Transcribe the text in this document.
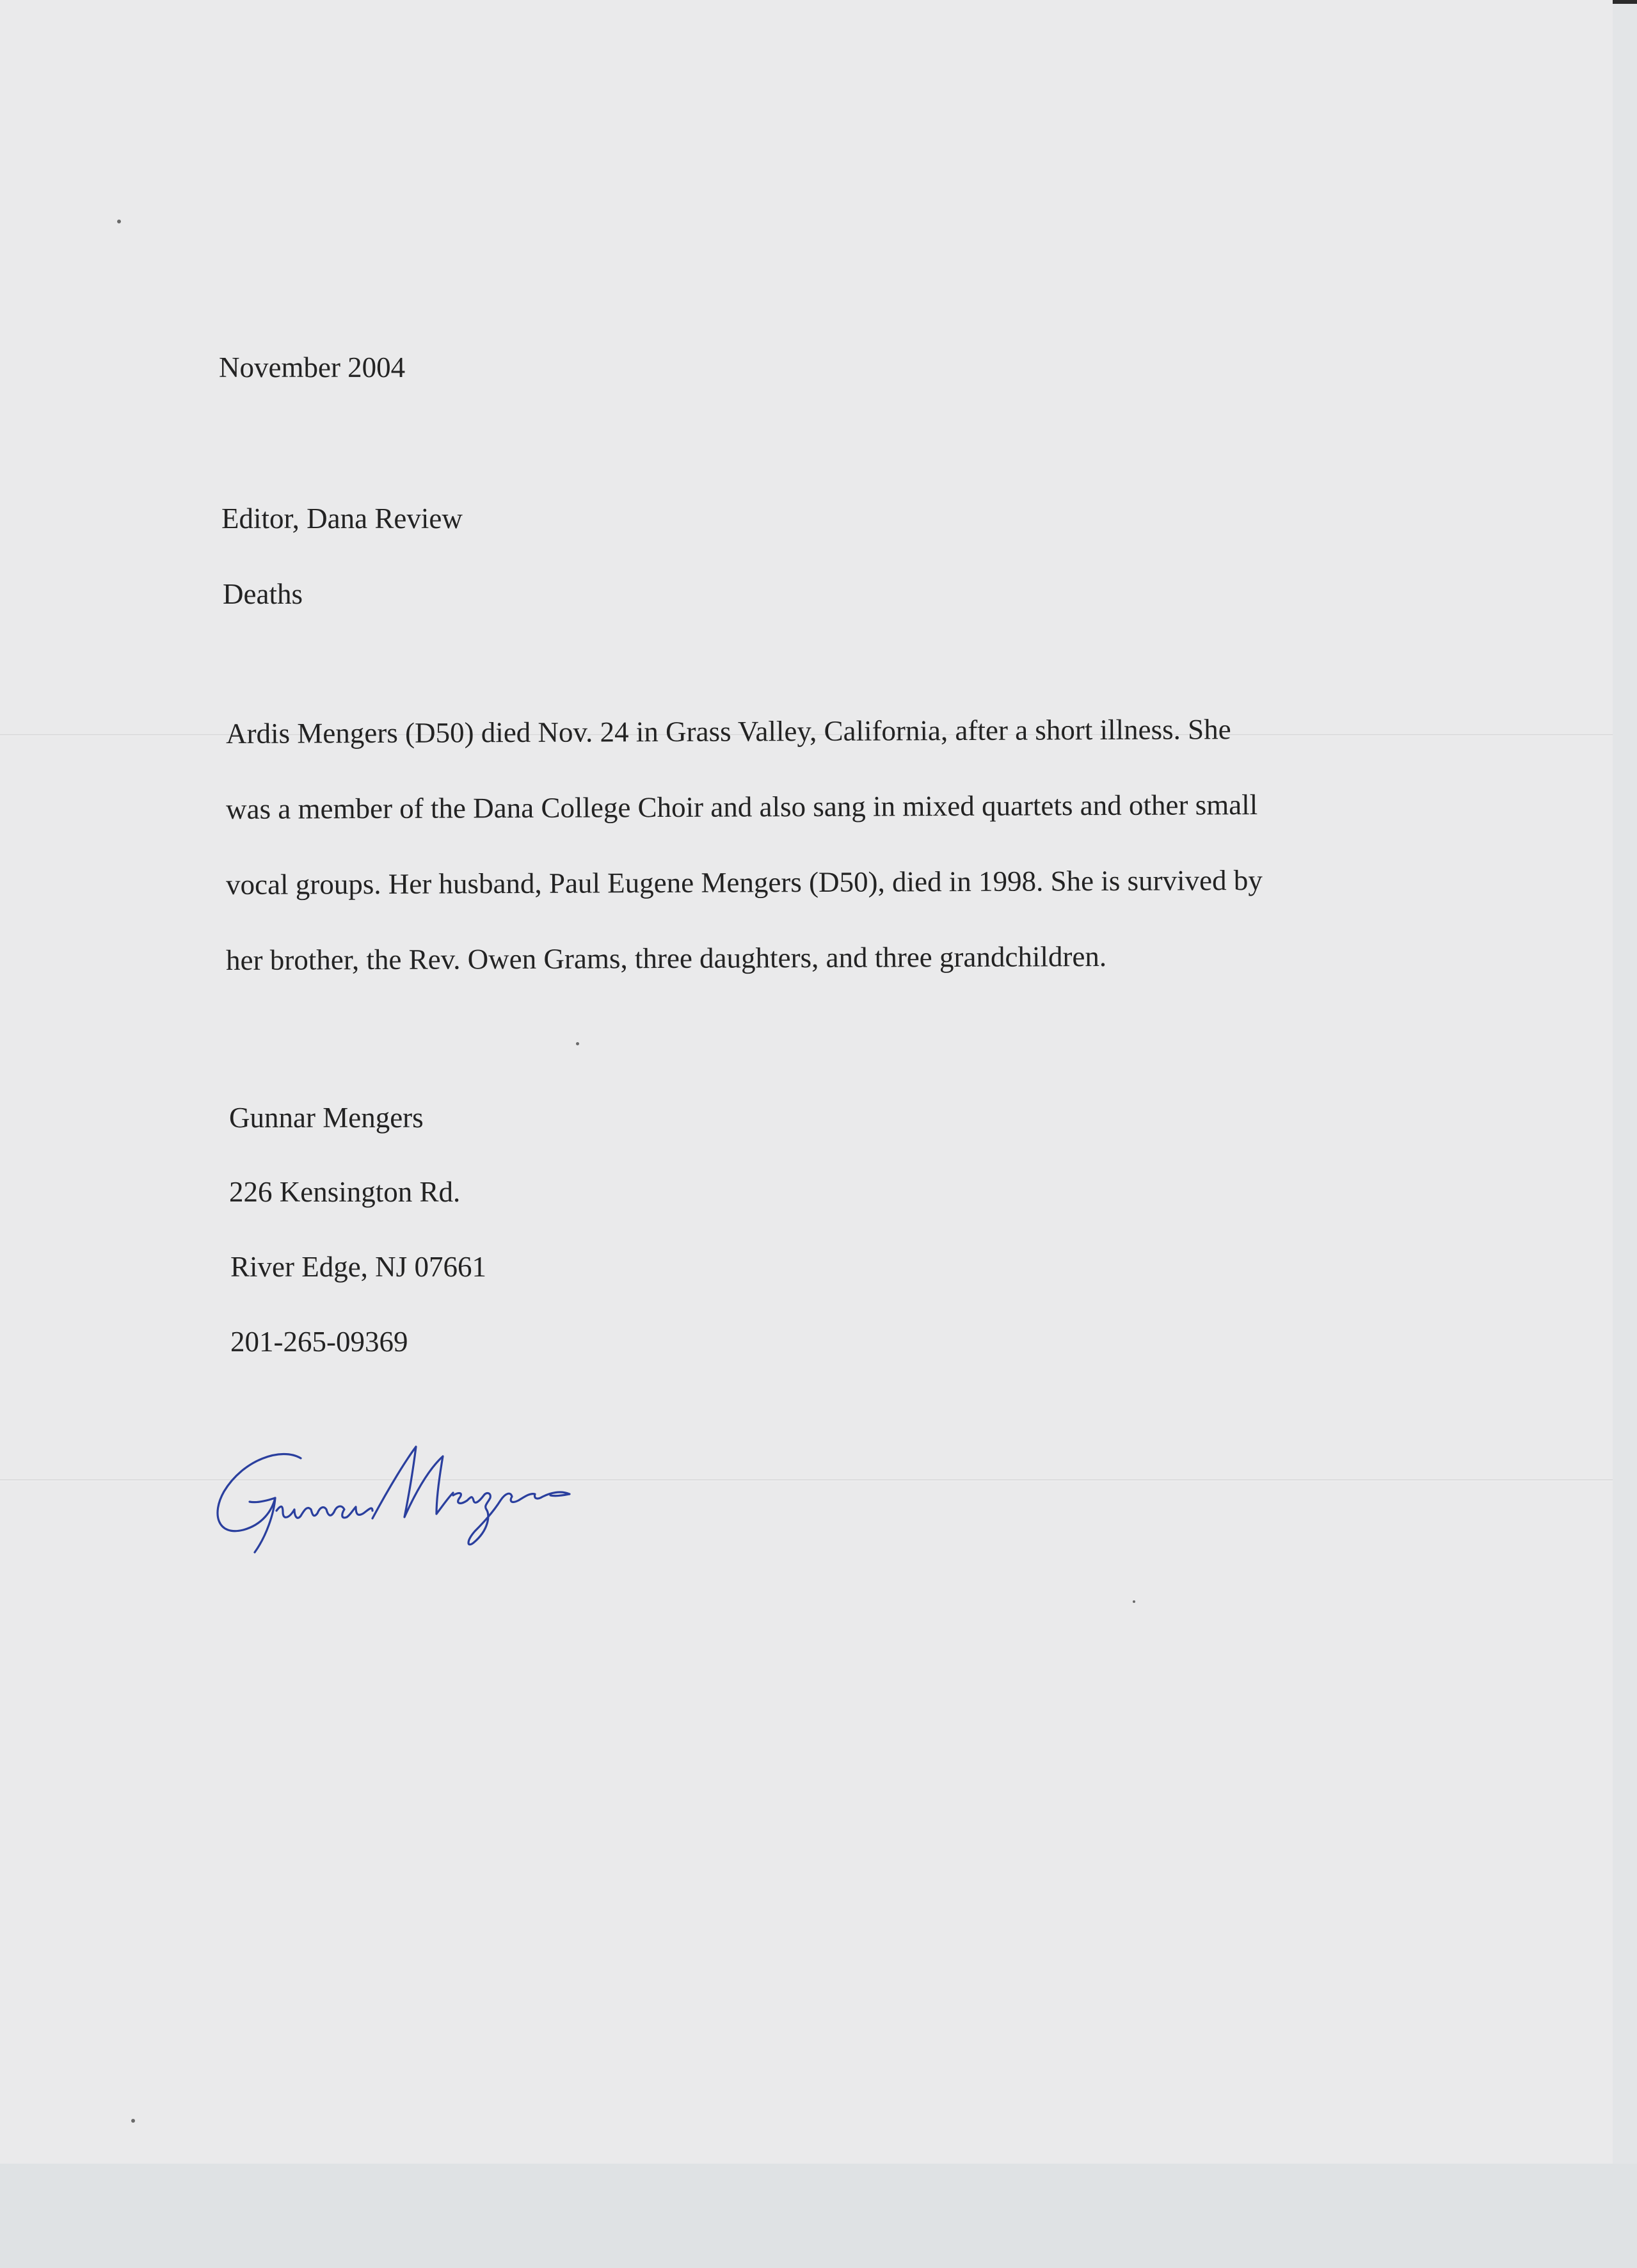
November 2004
Editor, Dana Review
Deaths
Ardis Mengers (D50) died Nov. 24 in Grass Valley, California, after a short illness. She
was a member of the Dana College Choir and also sang in mixed quartets and other small
vocal groups. Her husband, Paul Eugene Mengers (D50), died in 1998. She is survived by
her brother, the Rev. Owen Grams, three daughters, and three grandchildren.
Gunnar Mengers
226 Kensington Rd.
River Edge, NJ 07661
201-265-09369
